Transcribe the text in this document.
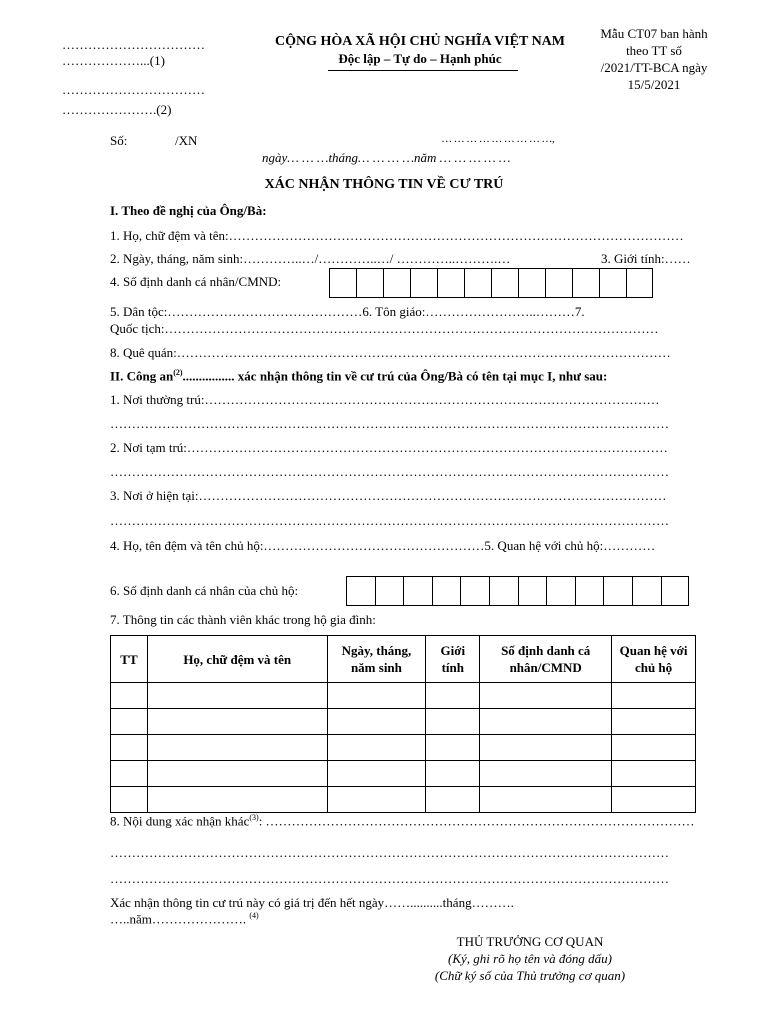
……………………………
………………...(1)
……………………………
………………….(2)
CỘNG HÒA XÃ HỘI CHỦ NGHĨA VIỆT NAM
Độc lập – Tự do – Hạnh phúc
Mẫu CT07 ban hành
theo TT số
/2021/TT-BCA ngày
15/5/2021
Số:	/XN	… … … … … … … … …,
ngày… … …tháng… … … …năm … … … … …
XÁC NHẬN THÔNG TIN VỀ CƯ TRÚ
I. Theo đề nghị của Ông/Bà:
1. Họ, chữ đệm và tên:……………………………………………………………………………………………
2. Ngày, tháng, năm sinh:…………..…/…………..…/ …………..……….…	3. Giới tính:……
4. Số định danh cá nhân/CMND:
5. Dân tộc:………………………………………6. Tôn giáo:……………………..………7.
Quốc tịch:……………………………………………………………………………………………………
8. Quê quán:……………………………………………………………………………………………………
II. Công $an^{(2)}$................ xác nhận thông tin về cư trú của Ông/Bà có tên tại mục I, như sau:
1. Nơi thường trú:……………………………………………………………………………………………
…………………………………………………………………………………………………………………
2. Nơi tạm trú:…………………………………………………………………………………………………
…………………………………………………………………………………………………………………
3. Nơi ở hiện tại:………………………………………………………………………………………………
…………………………………………………………………………………………………………………
4. Họ, tên đệm và tên chủ hộ:……………………………………………5. Quan hệ với chủ hộ:…………
6. Số định danh cá nhân của chủ hộ:
7. Thông tin các thành viên khác trong hộ gia đình:
TT	Họ, chữ đệm và tên	Ngày, tháng, năm sinh	Giới tính	Số định danh cá nhân/CMND	Quan hệ với chủ hộ

8. Nội dung xác nhận khác$^{(3)}$: ………………………………………………………………………………………
…………………………………………………………………………………………………………………
…………………………………………………………………………………………………………………
Xác nhận thông tin cư trú này có giá trị đến hết ngày……..........tháng……….
…..năm…………………. $^{(4)}$
THỦ TRƯỞNG CƠ QUAN
(Ký, ghi rõ họ tên và đóng dấu)
(Chữ ký số của Thủ trưởng cơ quan)
